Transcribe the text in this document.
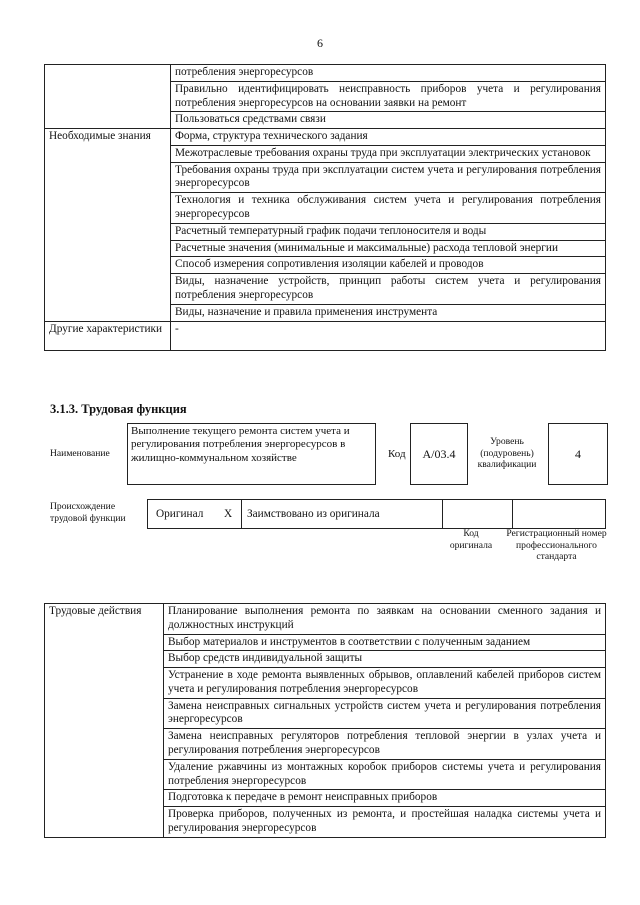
6
	потребления энергоресурсов
	Правильно идентифицировать неисправность приборов учета и регулирования потребления энергоресурсов на основании заявки на ремонт
	Пользоваться средствами связи
Необходимые знания	Форма, структура технического задания
	Межотраслевые требования охраны труда при эксплуатации электрических установок
	Требования охраны труда при эксплуатации систем учета и регулирования потребления энергоресурсов
	Технология и техника обслуживания систем учета и регулирования потребления энергоресурсов
	Расчетный температурный график подачи теплоносителя и воды
	Расчетные значения (минимальные и максимальные) расхода тепловой энергии
	Способ измерения сопротивления изоляции кабелей и проводов
	Виды, назначение устройств, принцип работы систем учета и регулирования потребления энергоресурсов
	Виды, назначение и правила применения инструмента
Другие характеристики	-
3.1.3. Трудовая функция
Наименование
Выполнение текущего ремонта систем учета и регулирования потребления энергоресурсов в жилищно-коммунальном хозяйстве	Код	А/03.4
Уровень (подуровень) квалификации
4
Происхождение трудовой функции	Оригинал X	Заимствовано из оригинала
Код оригинала
Регистрационный номер профессионального стандарта
Трудовые действия	Планирование выполнения ремонта по заявкам на основании сменного задания и должностных инструкций
Выбор материалов и инструментов в соответствии с полученным заданием
Выбор средств индивидуальной защиты
Устранение в ходе ремонта выявленных обрывов, оплавлений кабелей приборов систем учета и регулирования потребления энергоресурсов
Замена неисправных сигнальных устройств систем учета и регулирования потребления энергоресурсов
Замена неисправных регуляторов потребления тепловой энергии в узлах учета и регулирования потребления энергоресурсов
Удаление ржавчины из монтажных коробок приборов системы учета и регулирования потребления энергоресурсов
Подготовка к передаче в ремонт неисправных приборов
Проверка приборов, полученных из ремонта, и простейшая наладка системы учета и регулирования энергоресурсов
